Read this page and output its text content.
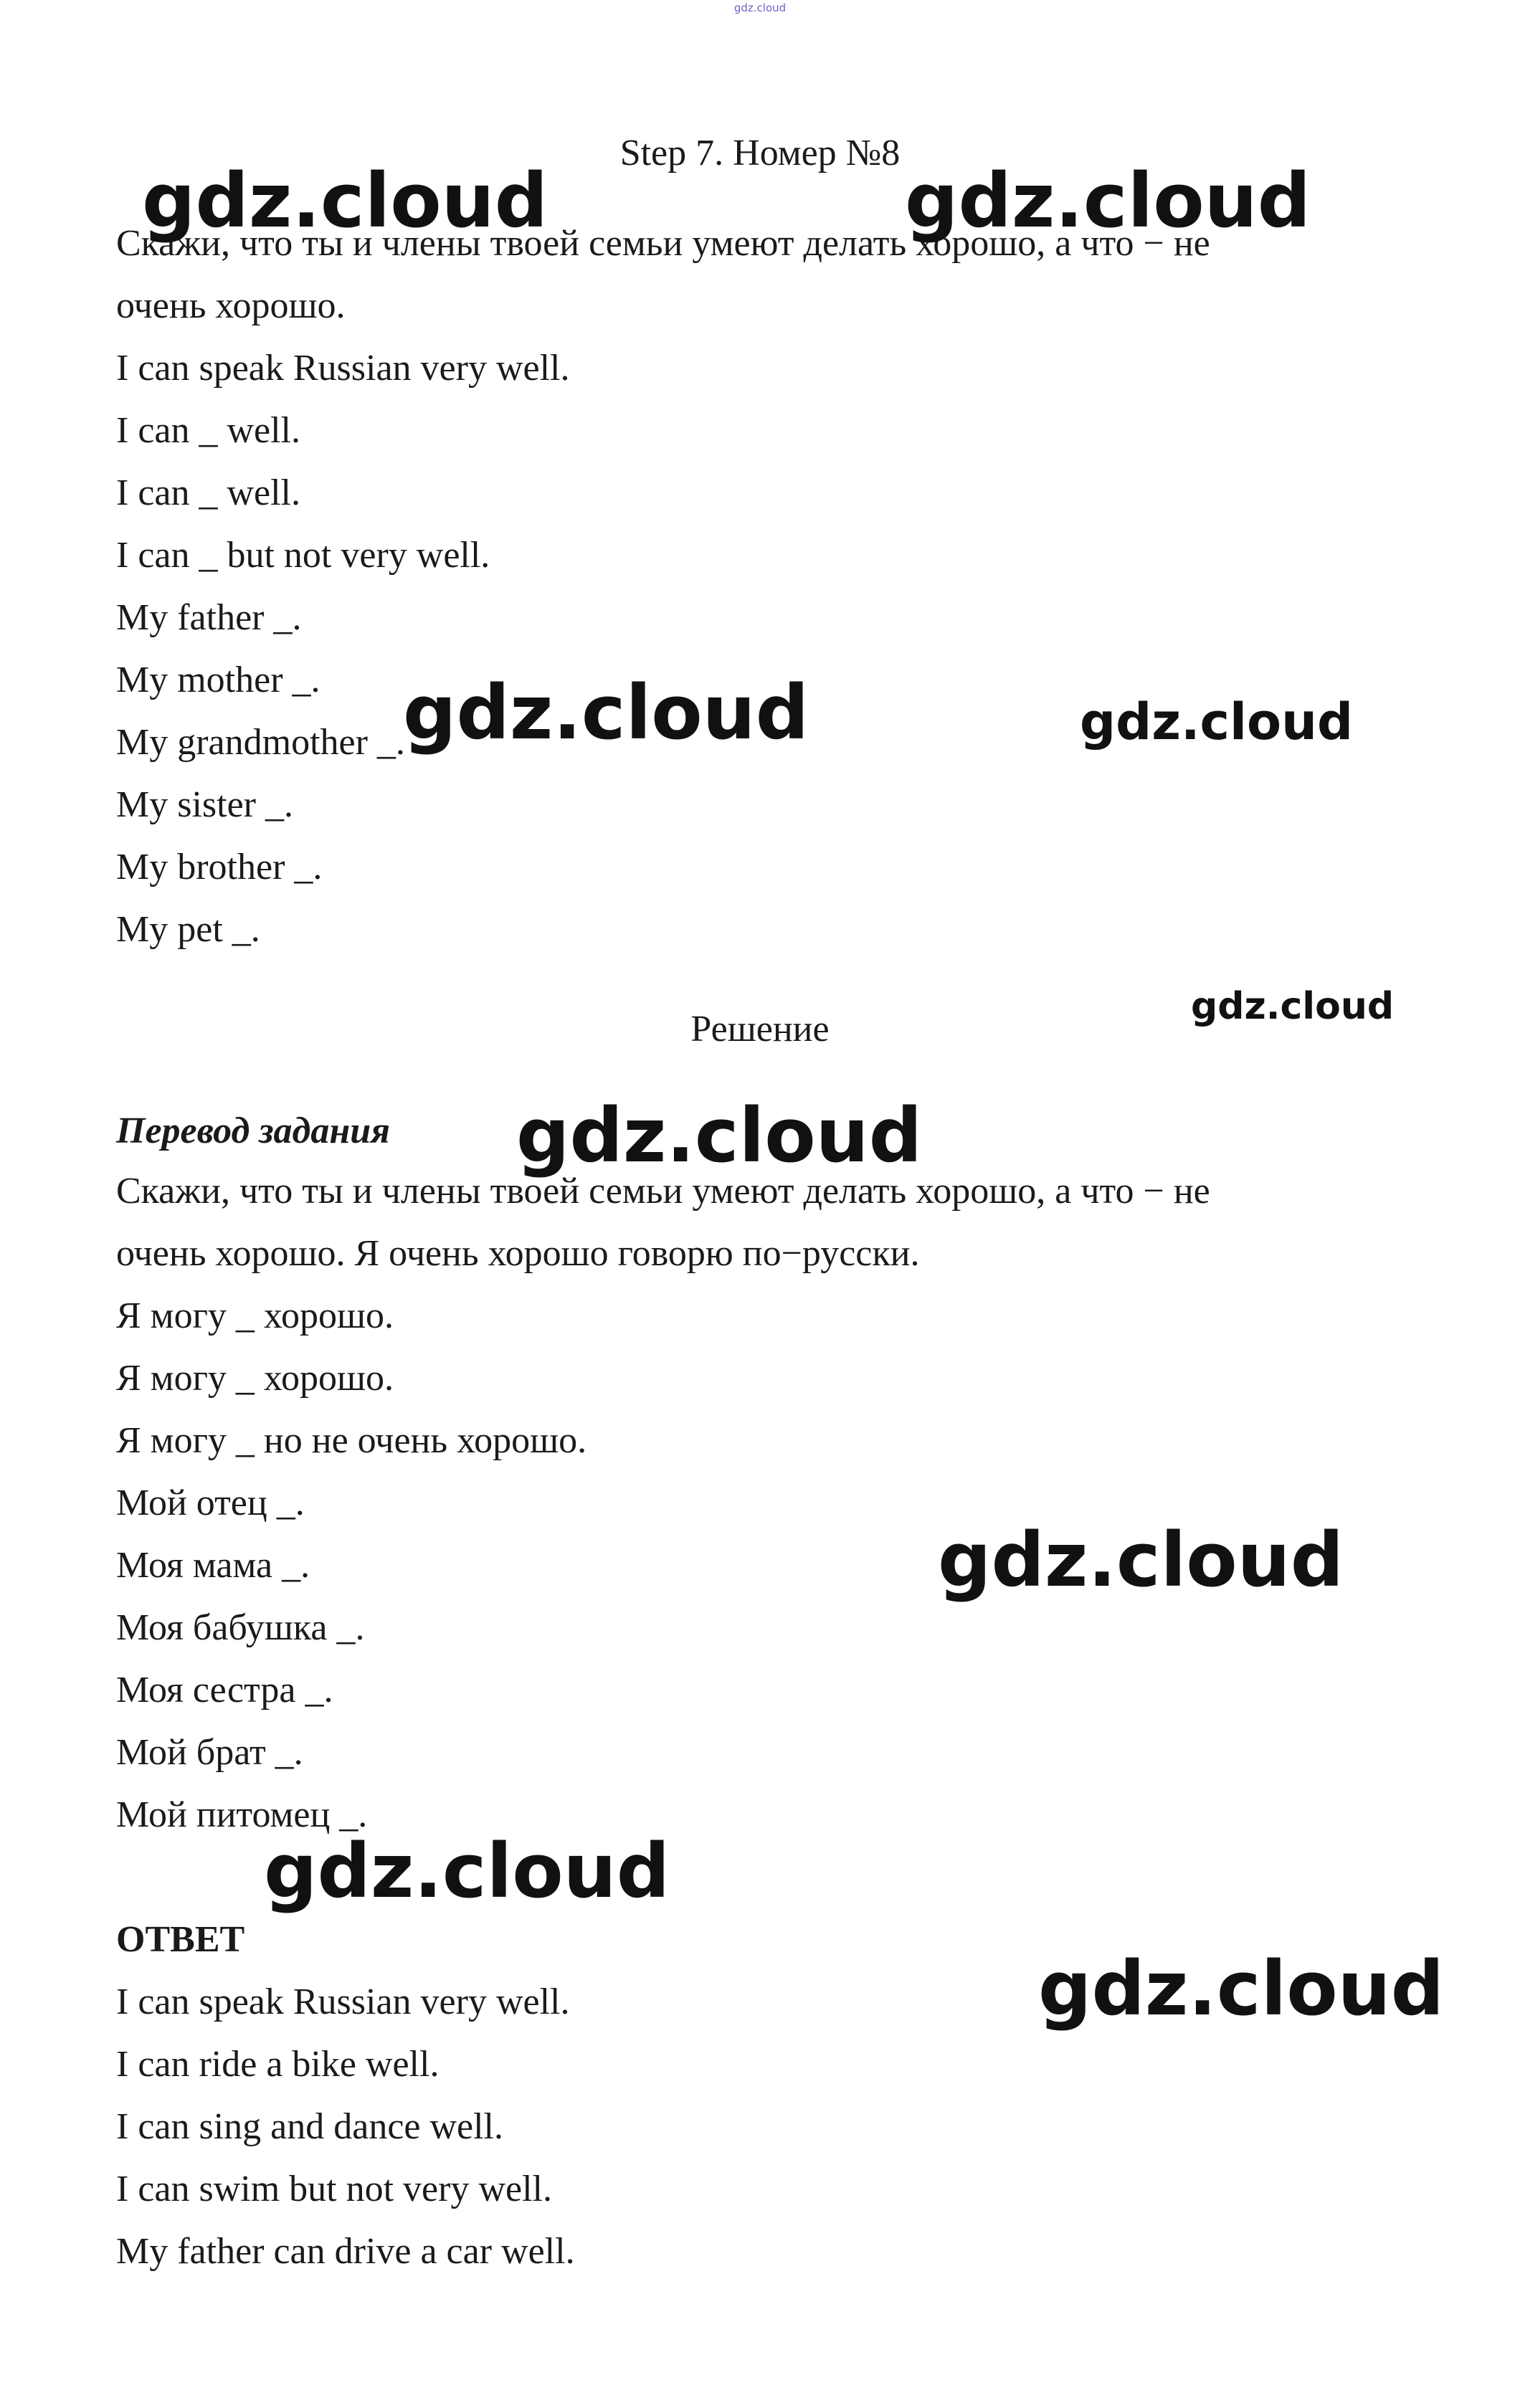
gdz.cloud
Step 7. Номер №8
Скажи, что ты и члены твоей семьи умеют делать хорошо, а что − не
очень хорошо.
I can speak Russian very well.
I can _ well.
I can _ well.
I can _ but not very well.
My father _.
My mother _.
My grandmother _.
My sister _.
My brother _.
My pet _.
Решение
Перевод задания
Скажи, что ты и члены твоей семьи умеют делать хорошо, а что − не
очень хорошо. Я очень хорошо говорю по−русски.
Я могу _ хорошо.
Я могу _ хорошо.
Я могу _ но не очень хорошо.
Мой отец _.
Моя мама _.
Моя бабушка _.
Моя сестра _.
Мой брат _.
Мой питомец _.
ОТВЕТ
I can speak Russian very well.
I can ride a bike well.
I can sing and dance well.
I can swim but not very well.
My father can drive a car well.
gdz.cloud	gdz.cloud
gdz.cloud	gdz.cloud
gdz.cloud
gdz.cloud
gdz.cloud
gdz.cloud
gdz.cloud
